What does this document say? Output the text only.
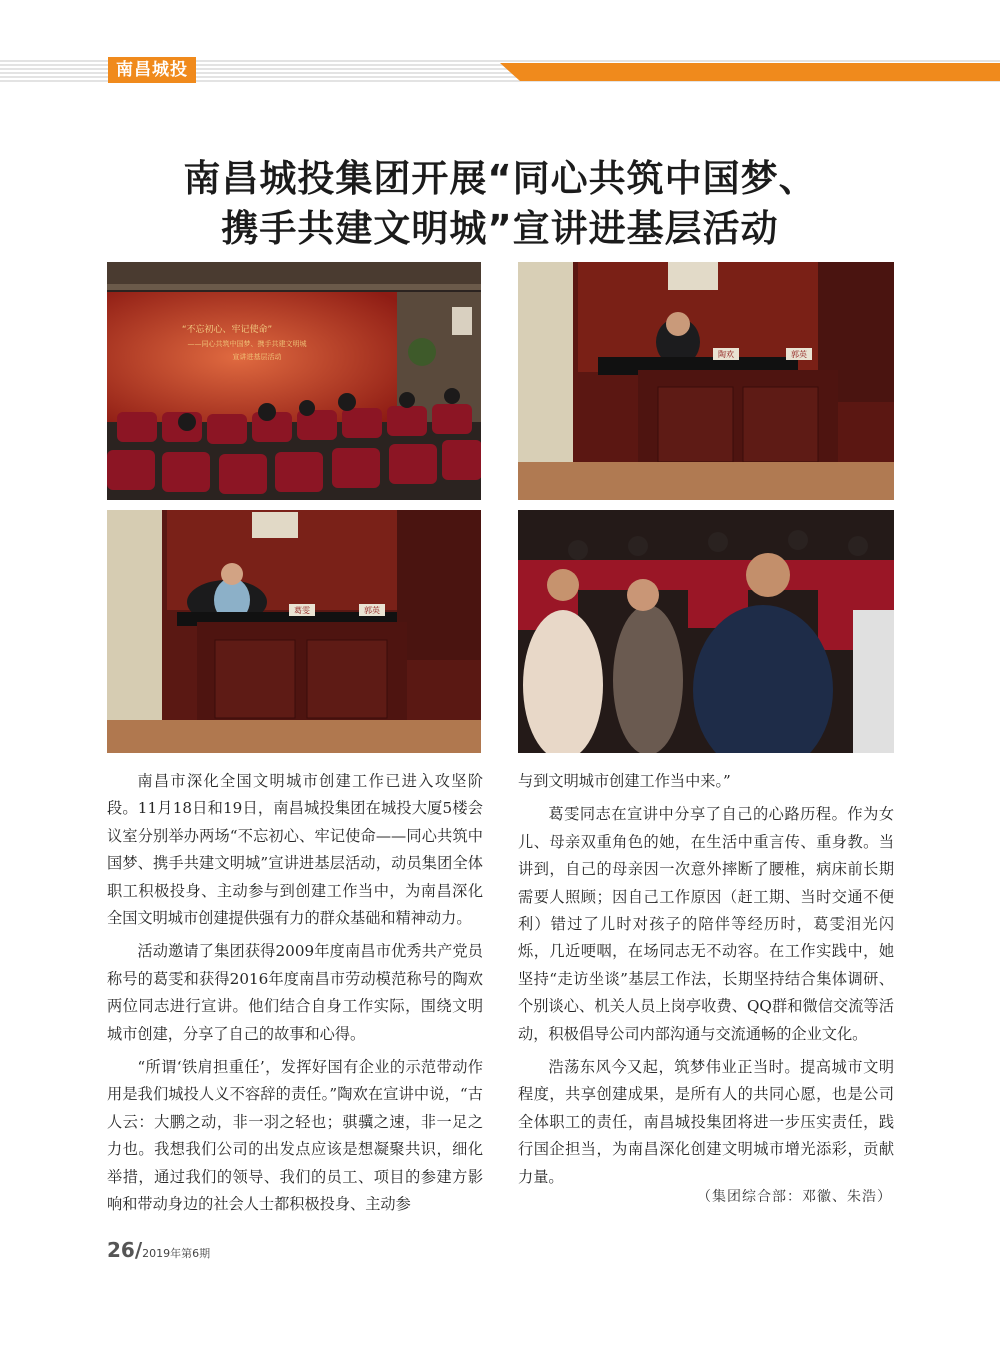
南昌城投
南昌城投集团开展“同心共筑中国梦、
携手共建文明城”宣讲进基层活动
“不忘初心、牢记使命”
——同心共筑中国梦、携手共建文明城
宣讲进基层活动	陶欢	郭英
葛雯	郭英

南昌市深化全国文明城市创建工作已进入攻坚阶段。11月18日和19日，南昌城投集团在城投大厦5楼会议室分别举办两场“不忘初心、牢记使命——同心共筑中国梦、携手共建文明城”宣讲进基层活动，动员集团全体职工积极投身、主动参与到创建工作当中，为南昌深化全国文明城市创建提供强有力的群众基础和精神动力。

活动邀请了集团获得2009年度南昌市优秀共产党员称号的葛雯和获得2016年度南昌市劳动模范称号的陶欢两位同志进行宣讲。他们结合自身工作实际，围绕文明城市创建，分享了自己的故事和心得。

“所谓‘铁肩担重任’，发挥好国有企业的示范带动作用是我们城投人义不容辞的责任。”陶欢在宣讲中说，“古人云：大鹏之动，非一羽之轻也；骐骥之速，非一足之力也。我想我们公司的出发点应该是想凝聚共识，细化举措，通过我们的领导、我们的员工、项目的参建方影响和带动身边的社会人士都积极投身、主动参

与到文明城市创建工作当中来。”

葛雯同志在宣讲中分享了自己的心路历程。作为女儿、母亲双重角色的她，在生活中重言传、重身教。当讲到，自己的母亲因一次意外摔断了腰椎，病床前长期需要人照顾；因自己工作原因（赶工期、当时交通不便利）错过了儿时对孩子的陪伴等经历时，葛雯泪光闪烁，几近哽咽，在场同志无不动容。在工作实践中，她坚持“走访坐谈”基层工作法，长期坚持结合集体调研、个别谈心、机关人员上岗亭收费、QQ群和微信交流等活动，积极倡导公司内部沟通与交流通畅的企业文化。

浩荡东风今又起，筑梦伟业正当时。提高城市文明程度，共享创建成果，是所有人的共同心愿，也是公司全体职工的责任，南昌城投集团将进一步压实责任，践行国企担当，为南昌深化创建文明城市增光添彩，贡献力量。

（集团综合部：邓徽、朱浩）
26/2019年第6期
